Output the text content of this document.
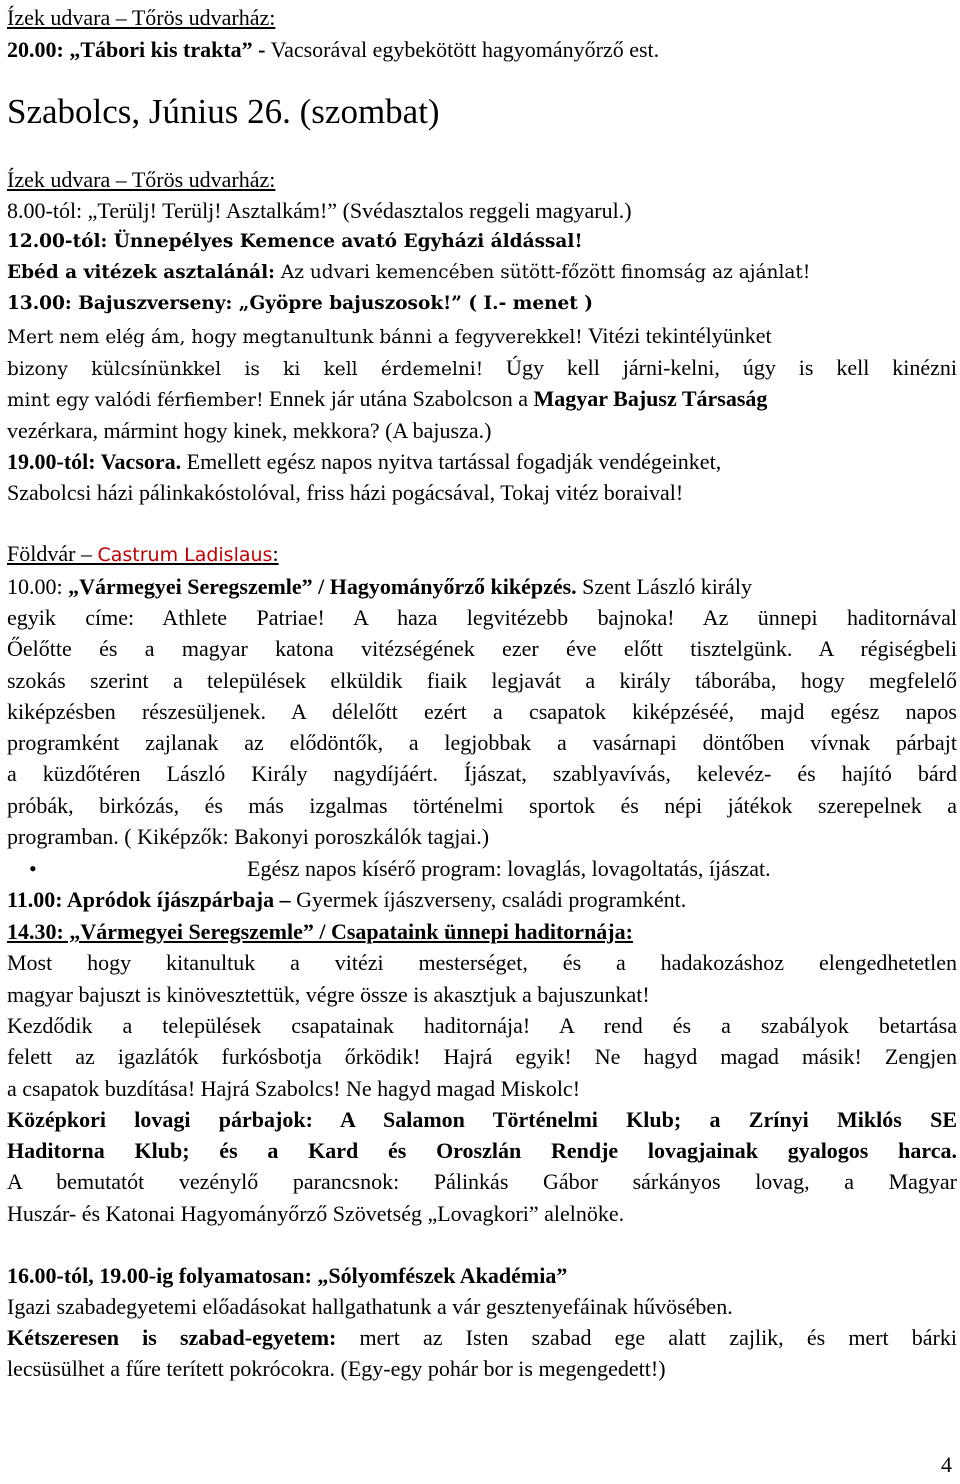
Ízek udvara – Tőrös udvarház:
20.00: „Tábori kis trakta” - Vacsorával egybekötött hagyományőrző est.
Szabolcs, Június 26. (szombat)
Ízek udvara – Tőrös udvarház:
8.00-tól: „Terülj! Terülj! Asztalkám!” (Svédasztalos reggeli magyarul.)
12.00-tól: Ünnepélyes Kemence avató Egyházi áldással!
Ebéd a vitézek asztalánál: Az udvari kemencében sütött-főzött finomság az ajánlat!
13.00: Bajuszverseny: „Gyöpre bajuszosok!” ( I.- menet )
Mert nem elég ám, hogy megtanultunk bánni a fegyverekkel! Vitézi tekintélyünket
bizony külcsínünkkel is ki kell érdemelni! Úgy kell járni-kelni, úgy is kell kinézni
mint egy valódi férfiember! Ennek jár utána Szabolcson a Magyar Bajusz Társaság
vezérkara, mármint hogy kinek, mekkora? (A bajusza.)
19.00-tól: Vacsora. Emellett egész napos nyitva tartással fogadják vendégeinket,
Szabolcsi házi pálinkakóstolóval, friss házi pogácsával, Tokaj vitéz boraival!
Földvár – Castrum Ladislaus:
10.00: „Vármegyei Seregszemle” / Hagyományőrző kiképzés. Szent László király
egyik címe: Athlete Patriae! A haza legvitézebb bajnoka! Az ünnepi haditornával
Őelőtte és a magyar katona vitézségének ezer éve előtt tisztelgünk. A régiségbeli
szokás szerint a települések elküldik fiaik legjavát a király táborába, hogy megfelelő
kiképzésben részesüljenek. A délelőtt ezért a csapatok kiképzéséé, majd egész napos
programként zajlanak az elődöntők, a legjobbak a vasárnapi döntőben vívnak párbajt
a küzdőtéren László Király nagydíjáért. Íjászat, szablyavívás, kelevéz- és hajító bárd
próbák, birkózás, és más izgalmas történelmi sportok és népi játékok szerepelnek a
programban. ( Kiképzők: Bakonyi poroszkálók tagjai.)
•	Egész napos kísérő program: lovaglás, lovagoltatás, íjászat.
11.00: Apródok íjászpárbaja – Gyermek íjászverseny, családi programként.
14.30: „Vármegyei Seregszemle” / Csapataink ünnepi haditornája:
Most hogy kitanultuk a vitézi mesterséget, és a hadakozáshoz elengedhetetlen
magyar bajuszt is kinövesztettük, végre össze is akasztjuk a bajuszunkat!
Kezdődik a települések csapatainak haditornája! A rend és a szabályok betartása
felett az igazlátók furkósbotja őrködik! Hajrá egyik! Ne hagyd magad másik! Zengjen
a csapatok buzdítása! Hajrá Szabolcs! Ne hagyd magad Miskolc!
Középkori lovagi párbajok: A Salamon Történelmi Klub; a Zrínyi Miklós SE
Haditorna Klub; és a Kard és Oroszlán Rendje lovagjainak gyalogos harca.
A bemutatót vezénylő parancsnok: Pálinkás Gábor sárkányos lovag, a Magyar
Huszár- és Katonai Hagyományőrző Szövetség „Lovagkori” alelnöke.
16.00-tól, 19.00-ig folyamatosan: „Sólyomfészek Akadémia”
Igazi szabadegyetemi előadásokat hallgathatunk a vár gesztenyefáinak hűvösében.
Kétszeresen is szabad-egyetem: mert az Isten szabad ege alatt zajlik, és mert bárki
lecsüsülhet a fűre terített pokrócokra. (Egy-egy pohár bor is megengedett!)
4
